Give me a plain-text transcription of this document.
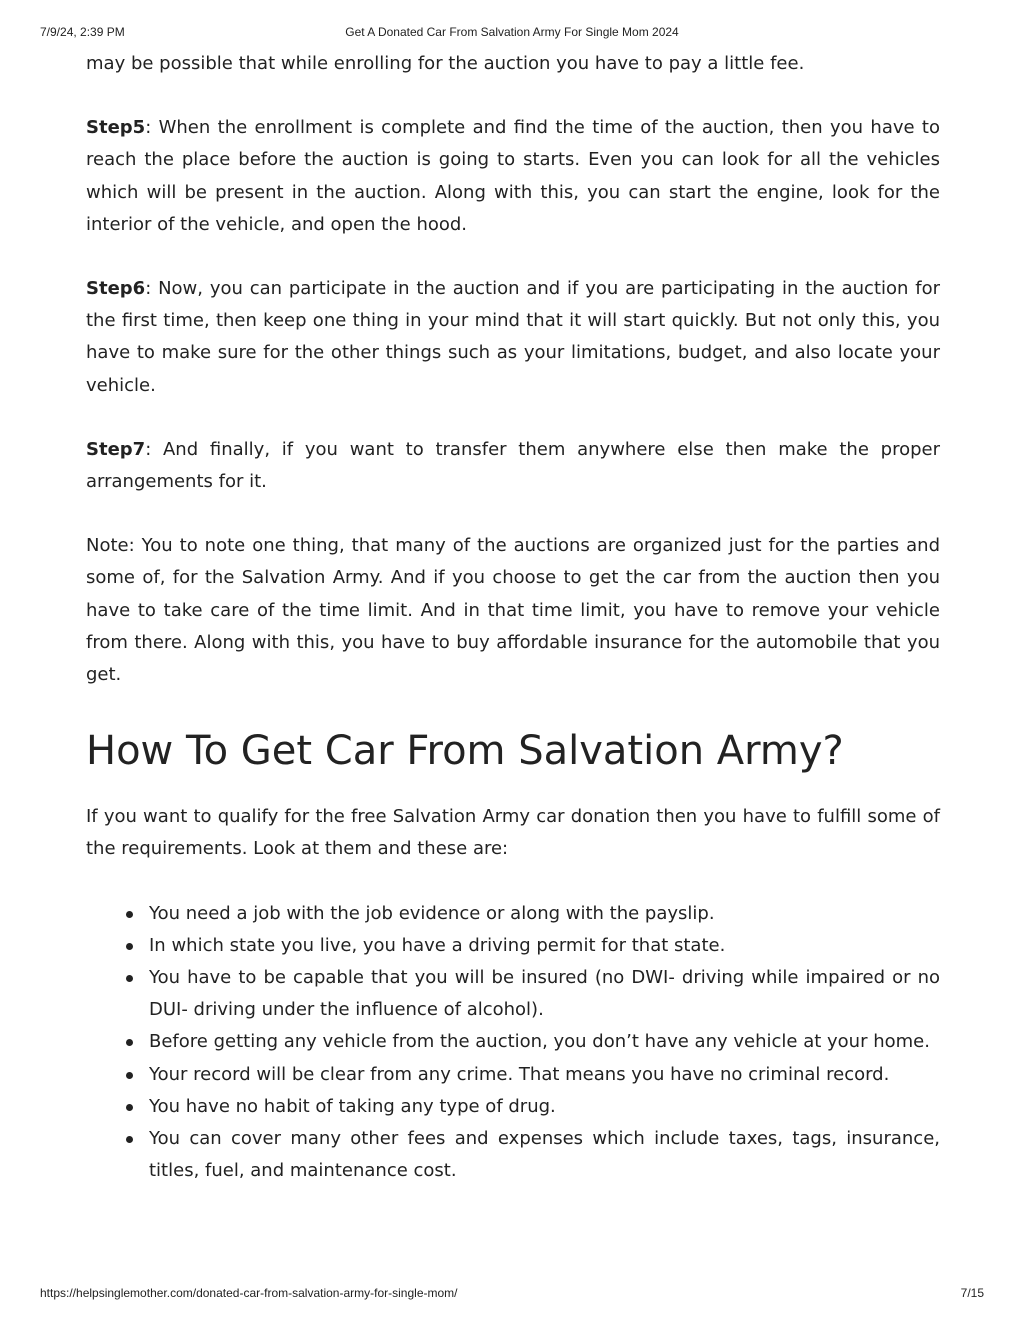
7/9/24, 2:39 PM	Get A Donated Car From Salvation Army For Single Mom 2024

may be possible that while enrolling for the auction you have to pay a little fee.

Step5: When the enrollment is complete and find the time of the auction, then you have to reach the place before the auction is going to starts. Even you can look for all the vehicles which will be present in the auction. Along with this, you can start the engine, look for the interior of the vehicle, and open the hood.

Step6: Now, you can participate in the auction and if you are participating in the auction for the first time, then keep one thing in your mind that it will start quickly. But not only this, you have to make sure for the other things such as your limitations, budget, and also locate your vehicle.

Step7: And finally, if you want to transfer them anywhere else then make the proper arrangements for it.

Note: You to note one thing, that many of the auctions are organized just for the parties and some of, for the Salvation Army. And if you choose to get the car from the auction then you have to take care of the time limit. And in that time limit, you have to remove your vehicle from there. Along with this, you have to buy affordable insurance for the automobile that you get.

How To Get Car From Salvation Army?

If you want to qualify for the free Salvation Army car donation then you have to fulfill some of the requirements. Look at them and these are:

You need a job with the job evidence or along with the payslip.
In which state you live, you have a driving permit for that state.
You have to be capable that you will be insured (no DWI- driving while impaired or no DUI- driving under the influence of alcohol).
Before getting any vehicle from the auction, you don’t have any vehicle at your home.
Your record will be clear from any crime. That means you have no criminal record.
You have no habit of taking any type of drug.
You can cover many other fees and expenses which include taxes, tags, insurance, titles, fuel, and maintenance cost.
https://helpsinglemother.com/donated-car-from-salvation-army-for-single-mom/	7/15
